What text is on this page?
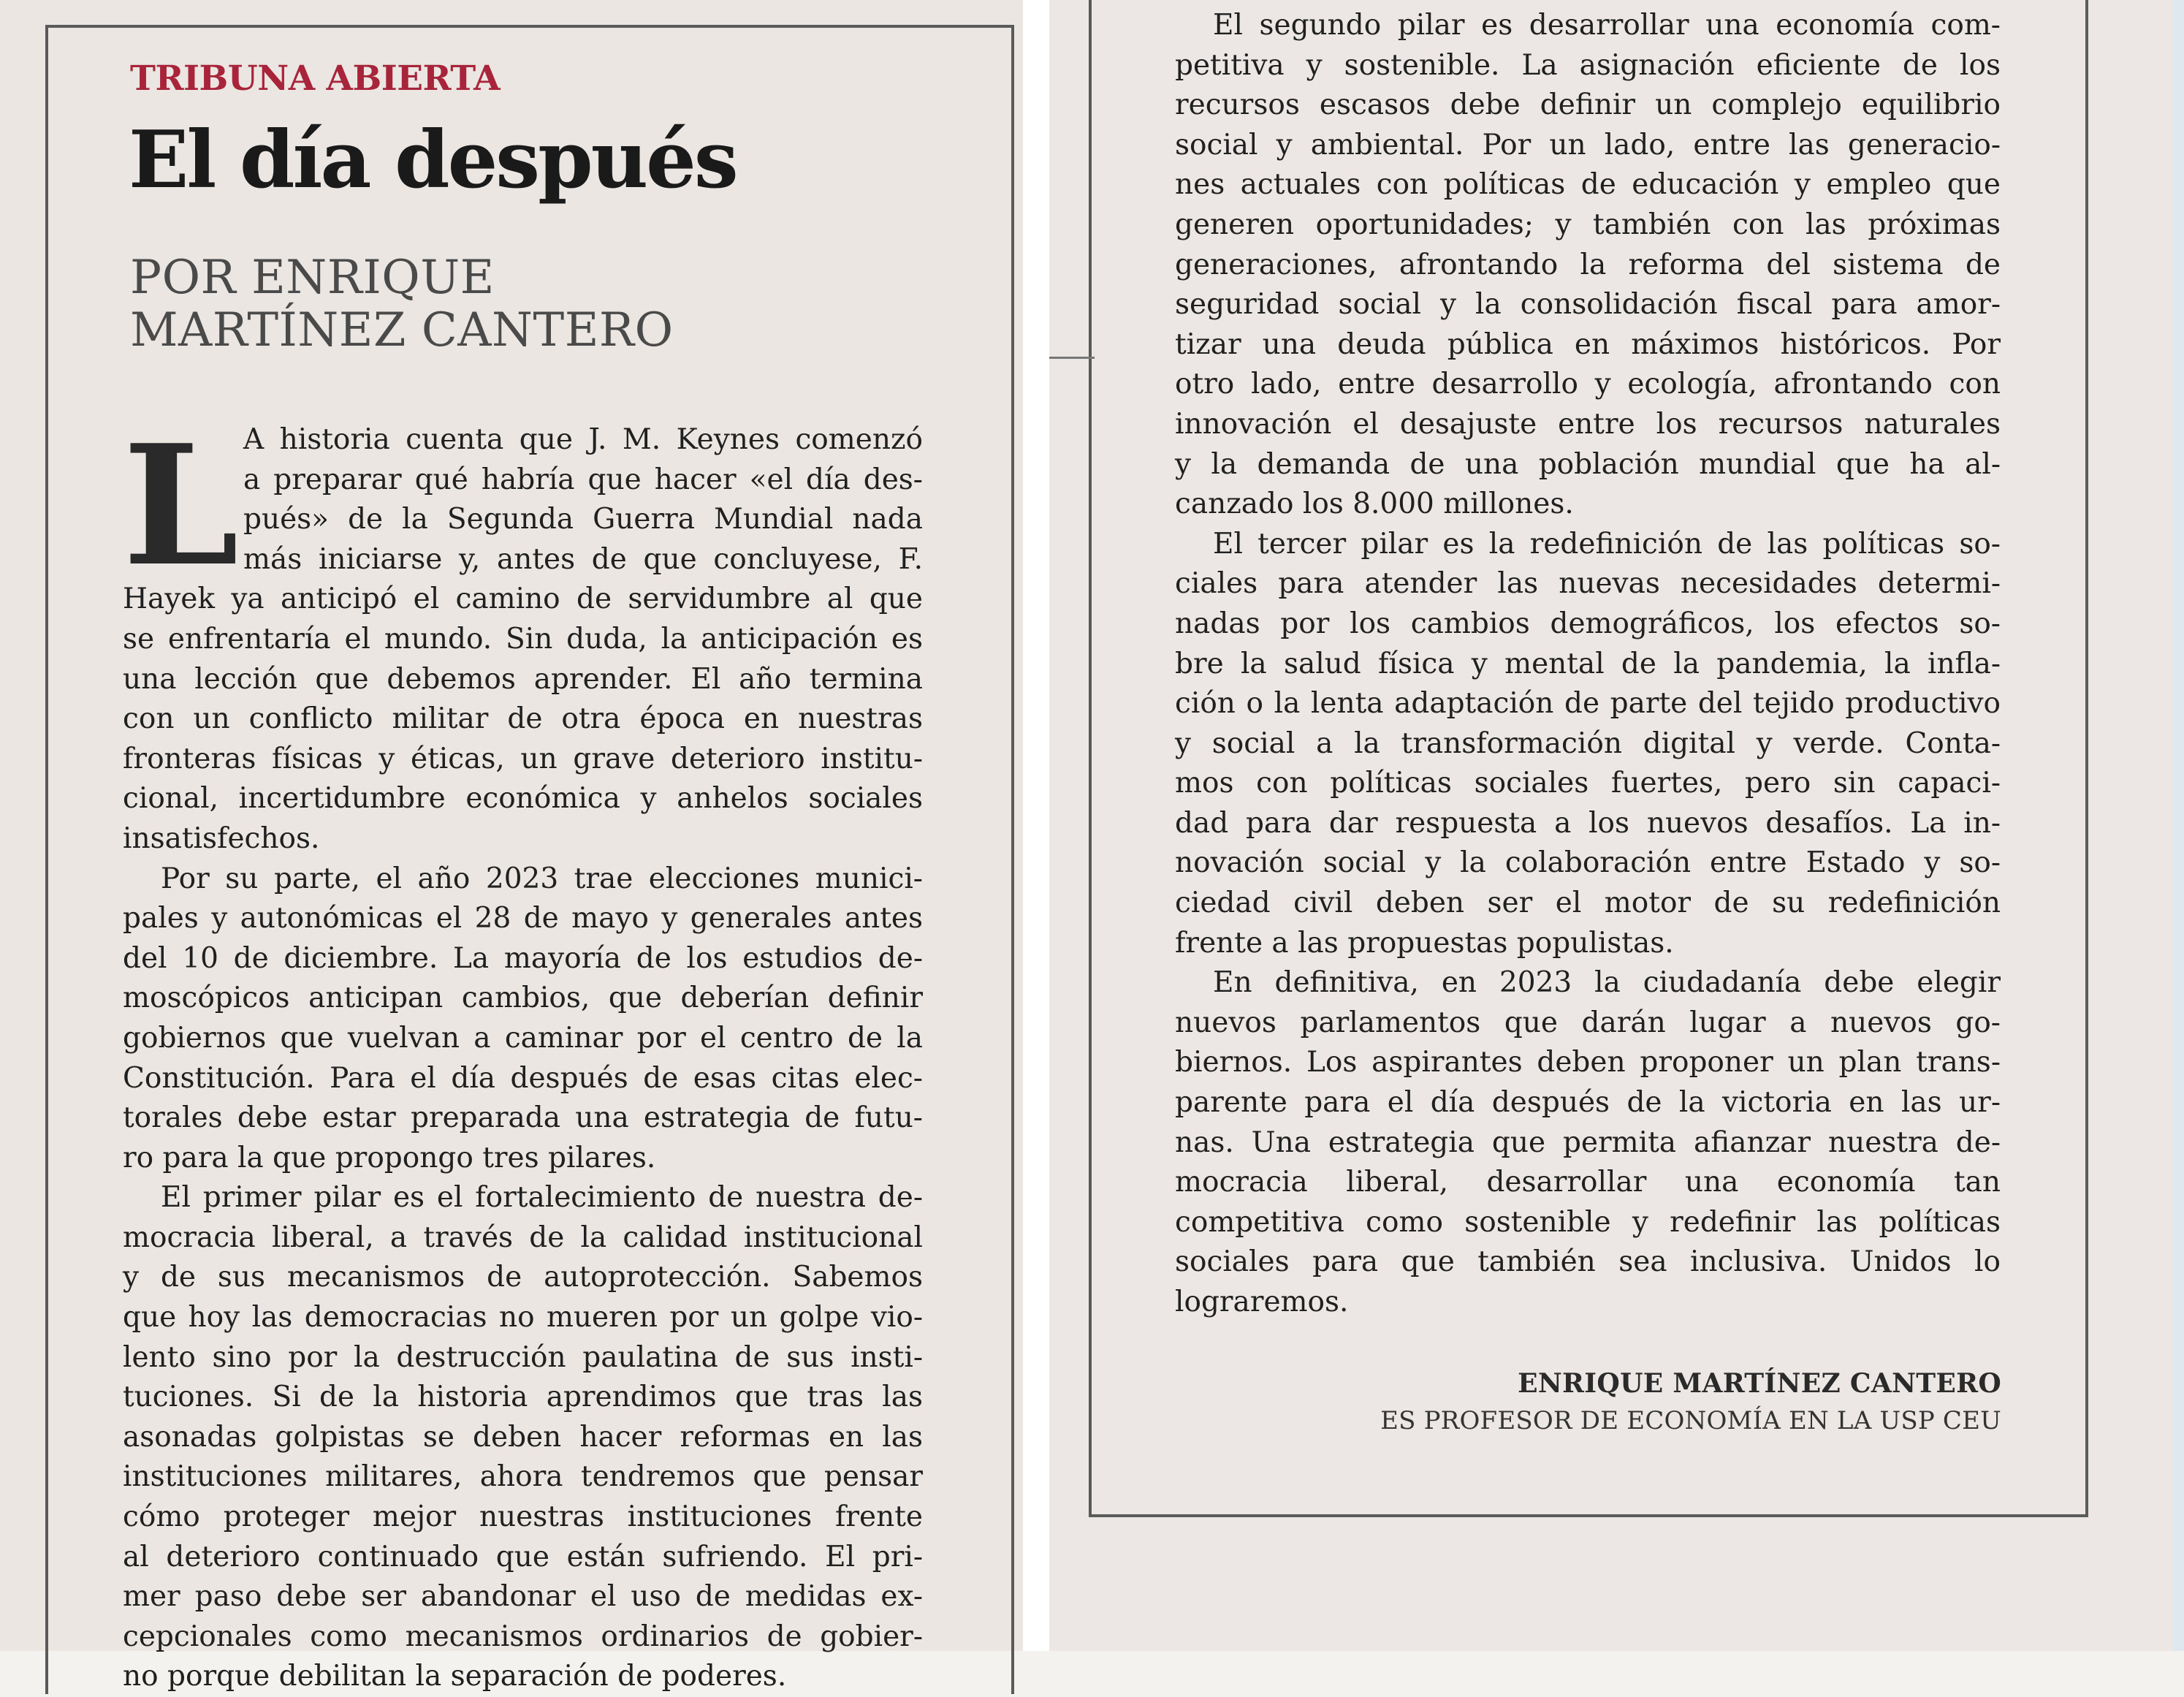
TRIBUNA ABIERTA
El día después
POR ENRIQUE
MARTÍNEZ CANTERO
L A historia cuenta que J. M. Keynes comenzó
a preparar qué habría que hacer «el día des-
pués» de la Segunda Guerra Mundial nada
más iniciarse y, antes de que concluyese, F.
Hayek ya anticipó el camino de servidumbre al que
se enfrentaría el mundo. Sin duda, la anticipación es
una lección que debemos aprender. El año termina
con un conflicto militar de otra época en nuestras
fronteras físicas y éticas, un grave deterioro institu-
cional, incertidumbre económica y anhelos sociales
insatisfechos.
Por su parte, el año 2023 trae elecciones munici-
pales y autonómicas el 28 de mayo y generales antes
del 10 de diciembre. La mayoría de los estudios de-
moscópicos anticipan cambios, que deberían definir
gobiernos que vuelvan a caminar por el centro de la
Constitución. Para el día después de esas citas elec-
torales debe estar preparada una estrategia de futu-
ro para la que propongo tres pilares.
El primer pilar es el fortalecimiento de nuestra de-
mocracia liberal, a través de la calidad institucional
y de sus mecanismos de autoprotección. Sabemos
que hoy las democracias no mueren por un golpe vio-
lento sino por la destrucción paulatina de sus insti-
tuciones. Si de la historia aprendimos que tras las
asonadas golpistas se deben hacer reformas en las
instituciones militares, ahora tendremos que pensar
cómo proteger mejor nuestras instituciones frente
al deterioro continuado que están sufriendo. El pri-
mer paso debe ser abandonar el uso de medidas ex-
cepcionales como mecanismos ordinarios de gobier-
no porque debilitan la separación de poderes.
El segundo pilar es desarrollar una economía com-
petitiva y sostenible. La asignación eficiente de los
recursos escasos debe definir un complejo equilibrio
social y ambiental. Por un lado, entre las generacio-
nes actuales con políticas de educación y empleo que
generen oportunidades; y también con las próximas
generaciones, afrontando la reforma del sistema de
seguridad social y la consolidación fiscal para amor-
tizar una deuda pública en máximos históricos. Por
otro lado, entre desarrollo y ecología, afrontando con
innovación el desajuste entre los recursos naturales
y la demanda de una población mundial que ha al-
canzado los 8.000 millones.
El tercer pilar es la redefinición de las políticas so-
ciales para atender las nuevas necesidades determi-
nadas por los cambios demográficos, los efectos so-
bre la salud física y mental de la pandemia, la infla-
ción o la lenta adaptación de parte del tejido productivo
y social a la transformación digital y verde. Conta-
mos con políticas sociales fuertes, pero sin capaci-
dad para dar respuesta a los nuevos desafíos. La in-
novación social y la colaboración entre Estado y so-
ciedad civil deben ser el motor de su redefinición
frente a las propuestas populistas.
En definitiva, en 2023 la ciudadanía debe elegir
nuevos parlamentos que darán lugar a nuevos go-
biernos. Los aspirantes deben proponer un plan trans-
parente para el día después de la victoria en las ur-
nas. Una estrategia que permita afianzar nuestra de-
mocracia liberal, desarrollar una economía tan
competitiva como sostenible y redefinir las políticas
sociales para que también sea inclusiva. Unidos lo
lograremos.
ENRIQUE MARTÍNEZ CANTERO
ES PROFESOR DE ECONOMÍA EN LA USP CEU
